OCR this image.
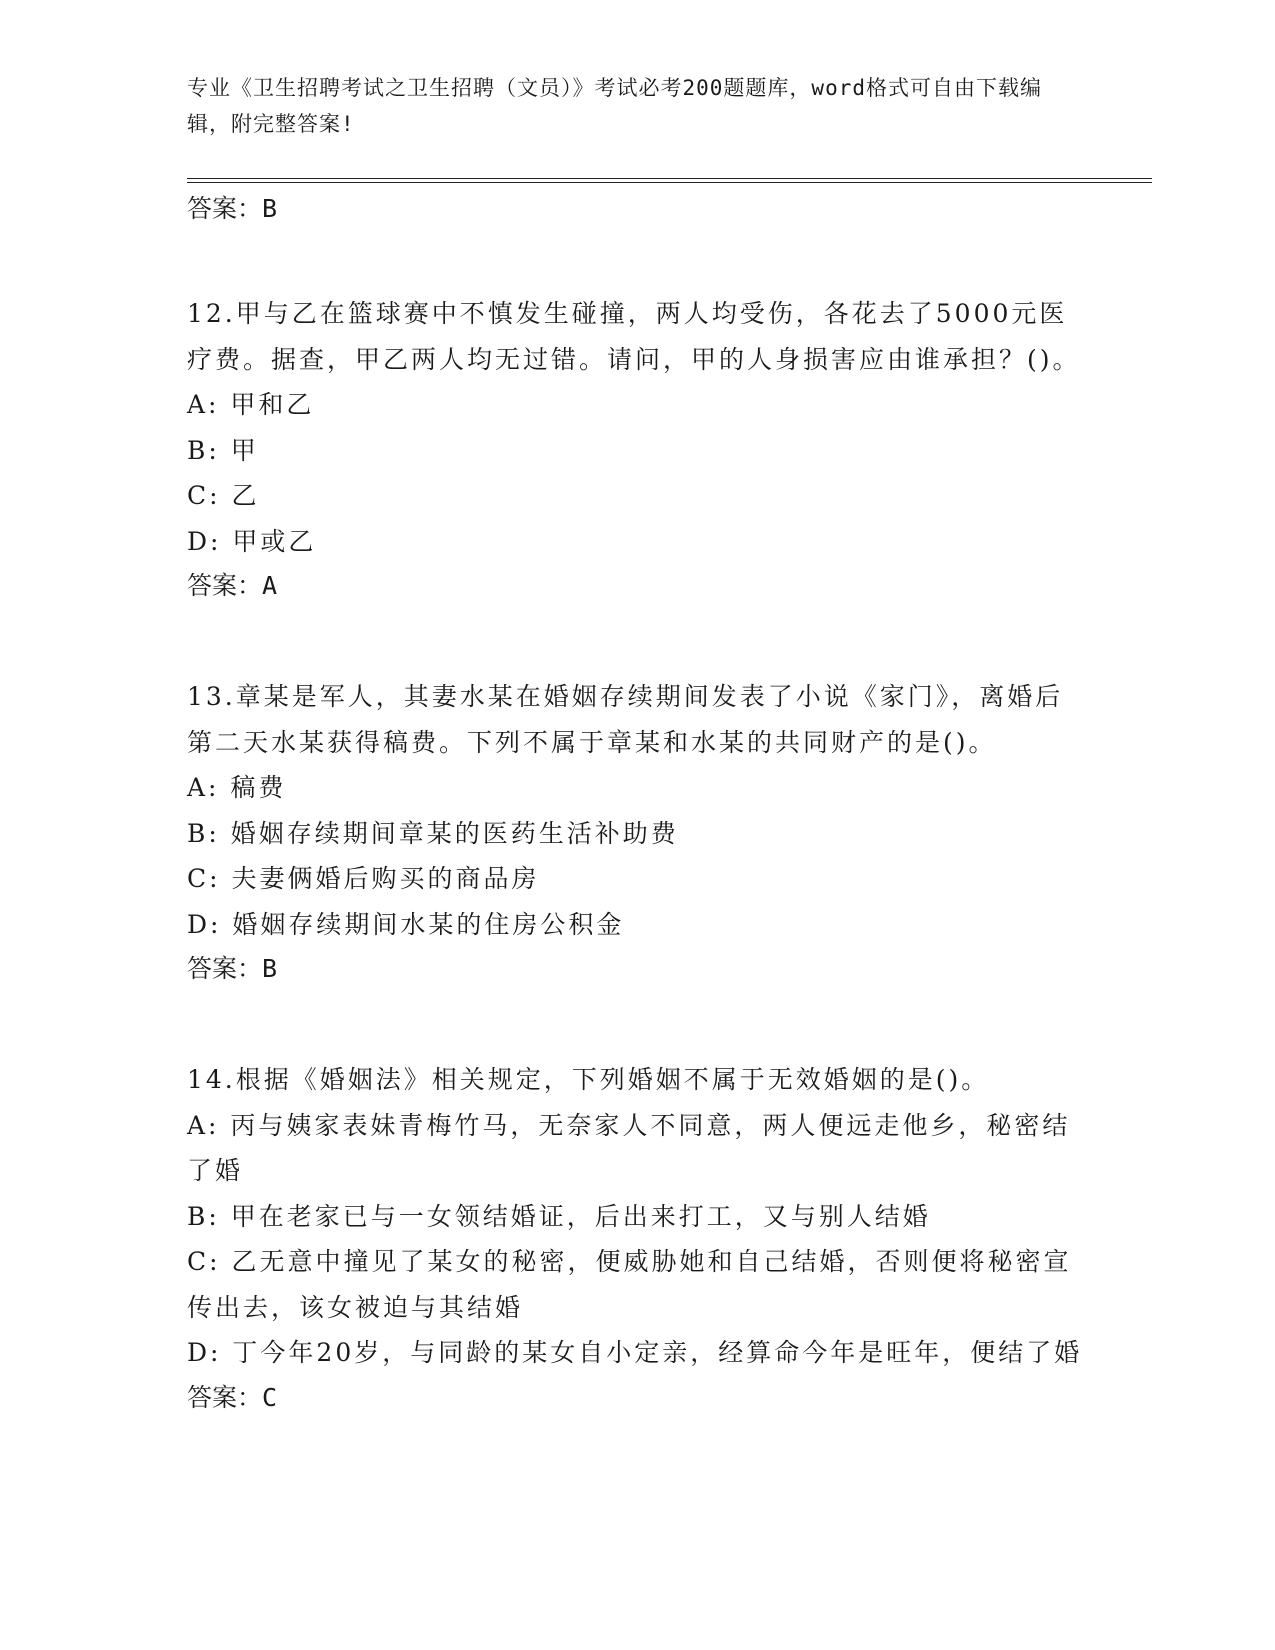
专业《卫生招聘考试之卫生招聘（文员）》考试必考200题题库，word格式可自由下载编辑，附完整答案!
答案：B
12.甲与乙在篮球赛中不慎发生碰撞，两人均受伤，各花去了5000元医疗费。据查，甲乙两人均无过错。请问，甲的人身损害应由谁承担？()。
A: 甲和乙
B: 甲
C: 乙
D: 甲或乙
答案：A
13.章某是军人，其妻水某在婚姻存续期间发表了小说《家门》，离婚后第二天水某获得稿费。下列不属于章某和水某的共同财产的是()。
A: 稿费
B: 婚姻存续期间章某的医药生活补助费
C: 夫妻俩婚后购买的商品房
D: 婚姻存续期间水某的住房公积金
答案：B
14.根据《婚姻法》相关规定，下列婚姻不属于无效婚姻的是()。
A: 丙与姨家表妹青梅竹马，无奈家人不同意，两人便远走他乡，秘密结了婚
B: 甲在老家已与一女领结婚证，后出来打工，又与别人结婚
C: 乙无意中撞见了某女的秘密，便威胁她和自己结婚，否则便将秘密宣传出去，该女被迫与其结婚
D: 丁今年20岁，与同龄的某女自小定亲，经算命今年是旺年，便结了婚
答案：C
